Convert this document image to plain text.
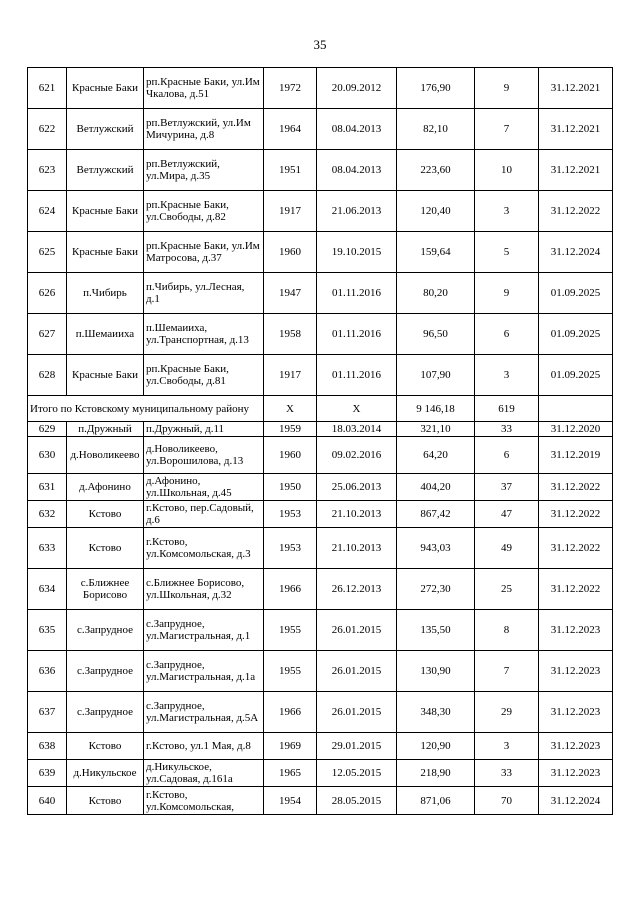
35
621	Красные Баки	рп.Красные Баки, ул.Им Чкалова, д.51	1972	20.09.2012	176,90	9	31.12.2021
622	Ветлужский	рп.Ветлужский, ул.Им Мичурина, д.8	1964	08.04.2013	82,10	7	31.12.2021
623	Ветлужский	рп.Ветлужский, ул.Мира, д.35	1951	08.04.2013	223,60	10	31.12.2021
624	Красные Баки	рп.Красные Баки, ул.Свободы, д.82	1917	21.06.2013	120,40	3	31.12.2022
625	Красные Баки	рп.Красные Баки, ул.Им Матросова, д.37	1960	19.10.2015	159,64	5	31.12.2024
626	п.Чибирь	п.Чибирь, ул.Лесная, д.1	1947	01.11.2016	80,20	9	01.09.2025
627	п.Шемаииха	п.Шемаииха, ул.Транспортная, д.13	1958	01.11.2016	96,50	6	01.09.2025
628	Красные Баки	рп.Красные Баки, ул.Свободы, д.81	1917	01.11.2016	107,90	3	01.09.2025
Итого по Кстовскому муниципальному району			Х	Х	9 146,18	619	
629	п.Дружный	п.Дружный, д.11	1959	18.03.2014	321,10	33	31.12.2020
630	д.Новоликеево	д.Новоликеево, ул.Ворошилова, д.13	1960	09.02.2016	64,20	6	31.12.2019
631	д.Афонино	д.Афонино, ул.Школьная, д.45	1950	25.06.2013	404,20	37	31.12.2022
632	Кстово	г.Кстово, пер.Садовый, д.6	1953	21.10.2013	867,42	47	31.12.2022
633	Кстово	г.Кстово, ул.Комсомольская, д.3	1953	21.10.2013	943,03	49	31.12.2022
634	с.Ближнее Борисово	с.Ближнее Борисово, ул.Школьная, д.32	1966	26.12.2013	272,30	25	31.12.2022
635	с.Запрудное	с.Запрудное, ул.Магистральная, д.1	1955	26.01.2015	135,50	8	31.12.2023
636	с.Запрудное	с.Запрудное, ул.Магистральная, д.1а	1955	26.01.2015	130,90	7	31.12.2023
637	с.Запрудное	с.Запрудное, ул.Магистральная, д.5А	1966	26.01.2015	348,30	29	31.12.2023
638	Кстово	г.Кстово, ул.1 Мая, д.8	1969	29.01.2015	120,90	3	31.12.2023
639	д.Никульское	д.Никульское, ул.Садовая, д.161а	1965	12.05.2015	218,90	33	31.12.2023
640	Кстово	г.Кстово, ул.Комсомольская,	1954	28.05.2015	871,06	70	31.12.2024
